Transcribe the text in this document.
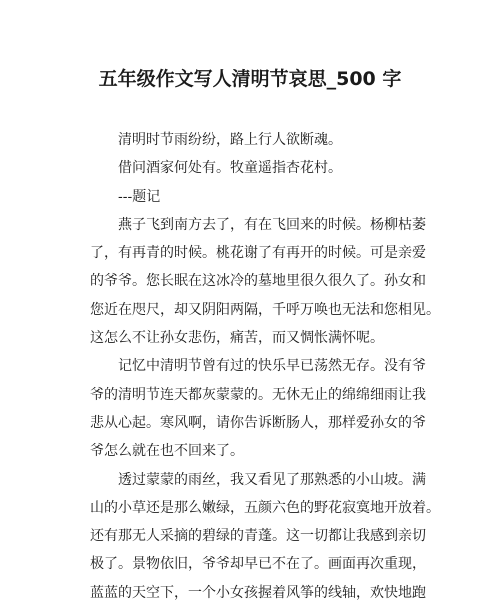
五年级作文写人清明节哀思_500 字

清明时节雨纷纷，路上行人欲断魂。

借问酒家何处有。牧童遥指杏花村。

---题记

燕子飞到南方去了，有在飞回来的时候。杨柳枯萎

了，有再青的时候。桃花谢了有再开的时候。可是亲爱

的爷爷。您长眠在这冰冷的墓地里很久很久了。孙女和

您近在咫尺，却又阴阳两隔，千呼万唤也无法和您相见。

这怎么不让孙女悲伤，痛苦，而又惆怅满怀呢。

记忆中清明节曾有过的快乐早已荡然无存。没有爷

爷的清明节连天都灰蒙蒙的。无休无止的绵绵细雨让我

悲从心起。寒风啊，请你告诉断肠人，那样爱孙女的爷

爷怎么就在也不回来了。

透过蒙蒙的雨丝，我又看见了那熟悉的小山坡。满

山的小草还是那么嫩绿，五颜六色的野花寂寞地开放着。

还有那无人采摘的碧绿的青蓬。这一切都让我感到亲切

极了。景物依旧，爷爷却早已不在了。画面再次重现，

蓝蓝的天空下，一个小女孩握着风筝的线轴，欢快地跑
